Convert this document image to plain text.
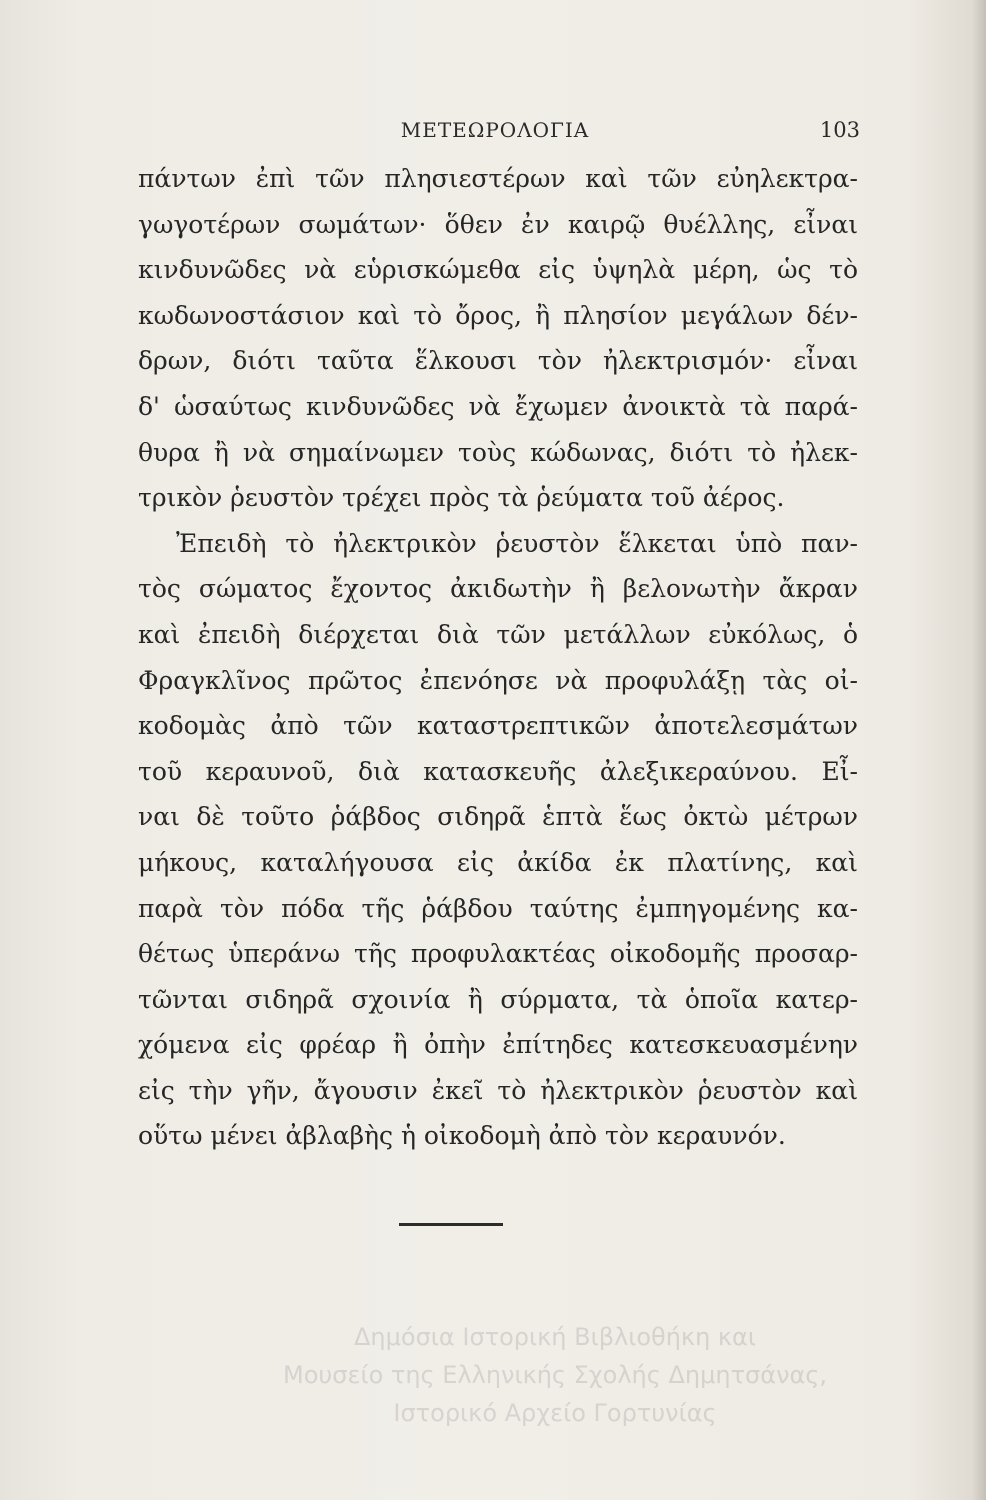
ΜΕΤΕΩΡΟΛΟΓΙΑ	103
πάντων ἐπὶ τῶν πλησιεστέρων καὶ τῶν εὐηλεκτρα-
γωγοτέρων σωμάτων· ὅθεν ἐν καιρῷ θυέλλης, εἶναι
κινδυνῶδες νὰ εὑρισκώμεθα εἰς ὑψηλὰ μέρη, ὡς τὸ
κωδωνοστάσιον καὶ τὸ ὄρος, ἢ πλησίον μεγάλων δέν-
δρων, διότι ταῦτα ἕλκουσι τὸν ἠλεκτρισμόν· εἶναι
δ' ὡσαύτως κινδυνῶδες νὰ ἔχωμεν ἀνοικτὰ τὰ παρά-
θυρα ἢ νὰ σημαίνωμεν τοὺς κώδωνας, διότι τὸ ἠλεκ-
τρικὸν ῥευστὸν τρέχει πρὸς τὰ ῥεύματα τοῦ ἀέρος.
Ἐπειδὴ τὸ ἠλεκτρικὸν ῥευστὸν ἕλκεται ὑπὸ παν-
τὸς σώματος ἔχοντος ἀκιδωτὴν ἢ βελονωτὴν ἄκραν
καὶ ἐπειδὴ διέρχεται διὰ τῶν μετάλλων εὐκόλως, ὁ
Φραγκλῖνος πρῶτος ἐπενόησε νὰ προφυλάξῃ τὰς οἰ-
κοδομὰς ἀπὸ τῶν καταστρεπτικῶν ἀποτελεσμάτων
τοῦ κεραυνοῦ, διὰ κατασκευῆς ἀλεξικεραύνου. Εἶ-
ναι δὲ τοῦτο ῥάβδος σιδηρᾶ ἑπτὰ ἕως ὀκτὼ μέτρων
μήκους, καταλήγουσα εἰς ἀκίδα ἐκ πλατίνης, καὶ
παρὰ τὸν πόδα τῆς ῥάβδου ταύτης ἐμπηγομένης κα-
θέτως ὑπεράνω τῆς προφυλακτέας οἰκοδομῆς προσαρ-
τῶνται σιδηρᾶ σχοινία ἢ σύρματα, τὰ ὁποῖα κατερ-
χόμενα εἰς φρέαρ ἢ ὀπὴν ἐπίτηδες κατεσκευασμένην
εἰς τὴν γῆν, ἄγουσιν ἐκεῖ τὸ ἠλεκτρικὸν ῥευστὸν καὶ
οὕτω μένει ἀβλαβὴς ἡ οἰκοδομὴ ἀπὸ τὸν κεραυνόν.
Δημόσια Ιστορική Βιβλιοθήκη και
Μουσείο της Ελληνικής Σχολής Δημητσάνας,
Ιστορικό Αρχείο Γορτυνίας
